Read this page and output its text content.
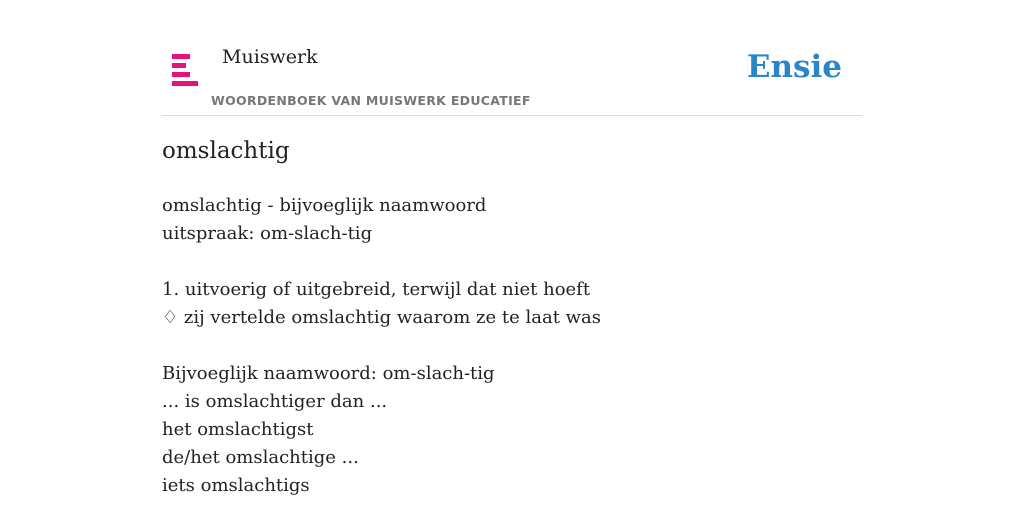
Muiswerk
WOORDENBOEK VAN MUISWERK EDUCATIEF
Ensie
omslachtig
omslachtig - bijvoeglijk naamwoord
uitspraak: om-slach-tig
1. uitvoerig of uitgebreid, terwijl dat niet hoeft
♢ zij vertelde omslachtig waarom ze te laat was
Bijvoeglijk naamwoord: om-slach-tig
... is omslachtiger dan ...
het omslachtigst
de/het omslachtige ...
iets omslachtigs
